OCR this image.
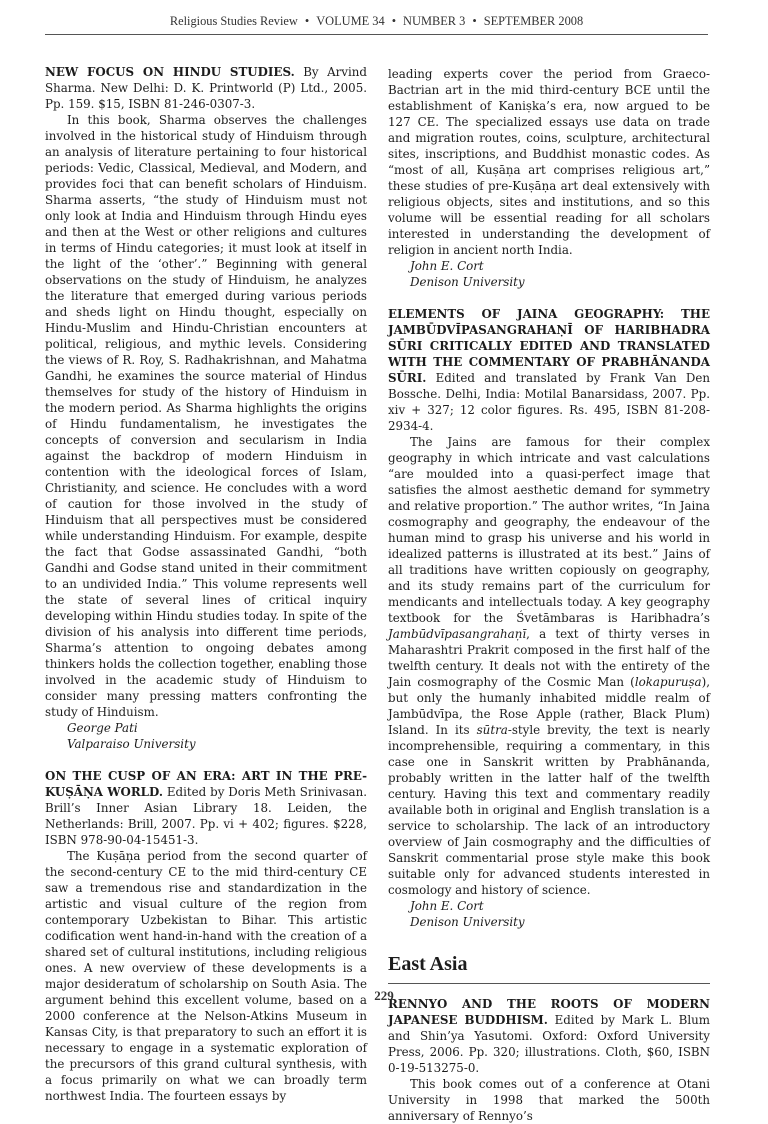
Religious Studies Review • VOLUME 34 • NUMBER 3 • SEPTEMBER 2008
NEW FOCUS ON HINDU STUDIES. By Arvind Sharma. New Delhi: D. K. Printworld (P) Ltd., 2005. Pp. 159. $15, ISBN 81-246-0307-3.
In this book, Sharma observes the challenges involved in the historical study of Hinduism through an analysis of literature pertaining to four historical periods: Vedic, Classical, Medieval, and Modern, and provides foci that can benefit scholars of Hinduism. Sharma asserts, “the study of Hinduism must not only look at India and Hinduism through Hindu eyes and then at the West or other religions and cultures in terms of Hindu categories; it must look at itself in the light of the ‘other’.” Beginning with general observations on the study of Hinduism, he analyzes the literature that emerged during various periods and sheds light on Hindu thought, especially on Hindu-Muslim and Hindu-Christian encounters at political, religious, and mythic levels. Considering the views of R. Roy, S. Radhakrishnan, and Mahatma Gandhi, he examines the source material of Hindus themselves for study of the history of Hinduism in the modern period. As Sharma highlights the origins of Hindu fundamentalism, he investigates the concepts of conversion and secularism in India against the backdrop of modern Hinduism in contention with the ideological forces of Islam, Christianity, and science. He concludes with a word of caution for those involved in the study of Hinduism that all perspectives must be considered while understanding Hinduism. For example, despite the fact that Godse assassinated Gandhi, “both Gandhi and Godse stand united in their commitment to an undivided India.” This volume represents well the state of several lines of critical inquiry developing within Hindu studies today. In spite of the division of his analysis into different time periods, Sharma’s attention to ongoing debates among thinkers holds the collection together, enabling those involved in the academic study of Hinduism to consider many pressing matters confronting the study of Hinduism.
George Pati
Valparaiso University
ON THE CUSP OF AN ERA: ART IN THE PRE-KUṢĀṆA WORLD. Edited by Doris Meth Srinivasan. Brill’s Inner Asian Library 18. Leiden, the Netherlands: Brill, 2007. Pp. vi + 402; figures. $228, ISBN 978-90-04-15451-3.
The Kuṣāṇa period from the second quarter of the second-century CE to the mid third-century CE saw a tremendous rise and standardization in the artistic and visual culture of the region from contemporary Uzbekistan to Bihar. This artistic codification went hand-in-hand with the creation of a shared set of cultural institutions, including religious ones. A new overview of these developments is a major desideratum of scholarship on South Asia. The argument behind this excellent volume, based on a 2000 conference at the Nelson-Atkins Museum in Kansas City, is that preparatory to such an effort it is necessary to engage in a systematic exploration of the precursors of this grand cultural synthesis, with a focus primarily on what we can broadly term northwest India. The fourteen essays by
leading experts cover the period from Graeco-Bactrian art in the mid third-century BCE until the establishment of Kaniṣka’s era, now argued to be 127 CE. The specialized essays use data on trade and migration routes, coins, sculpture, architectural sites, inscriptions, and Buddhist monastic codes. As “most of all, Kuṣāṇa art comprises religious art,” these studies of pre-Kuṣāṇa art deal extensively with religious objects, sites and institutions, and so this volume will be essential reading for all scholars interested in understanding the development of religion in ancient north India.
John E. Cort
Denison University
ELEMENTS OF JAINA GEOGRAPHY: THE JAMBŪDVĪPASANGRAHAṆĪ OF HARIBHADRA SŪRI CRITICALLY EDITED AND TRANSLATED WITH THE COMMENTARY OF PRABHĀNANDA SŪRI. Edited and translated by Frank Van Den Bossche. Delhi, India: Motilal Banarsidass, 2007. Pp. xiv + 327; 12 color figures. Rs. 495, ISBN 81-208-2934-4.
The Jains are famous for their complex geography in which intricate and vast calculations “are moulded into a quasi-perfect image that satisfies the almost aesthetic demand for symmetry and relative proportion.” The author writes, “In Jaina cosmography and geography, the endeavour of the human mind to grasp his universe and his world in idealized patterns is illustrated at its best.” Jains of all traditions have written copiously on geography, and its study remains part of the curriculum for mendicants and intellectuals today. A key geography textbook for the Śvetāmbaras is Haribhadra’s Jambūdvīpasangrahaṇī, a text of thirty verses in Maharashtri Prakrit composed in the first half of the twelfth century. It deals not with the entirety of the Jain cosmography of the Cosmic Man (lokapuruṣa), but only the humanly inhabited middle realm of Jambūdvīpa, the Rose Apple (rather, Black Plum) Island. In its sūtra-style brevity, the text is nearly incomprehensible, requiring a commentary, in this case one in Sanskrit written by Prabhānanda, probably written in the latter half of the twelfth century. Having this text and commentary readily available both in original and English translation is a service to scholarship. The lack of an introductory overview of Jain cosmography and the difficulties of Sanskrit commentarial prose style make this book suitable only for advanced students interested in cosmology and history of science.
John E. Cort
Denison University
East Asia
RENNYO AND THE ROOTS OF MODERN JAPANESE BUDDHISM. Edited by Mark L. Blum and Shin’ya Yasutomi. Oxford: Oxford University Press, 2006. Pp. 320; illustrations. Cloth, $60, ISBN 0-19-513275-0.
This book comes out of a conference at Otani University in 1998 that marked the 500th anniversary of Rennyo’s
229
